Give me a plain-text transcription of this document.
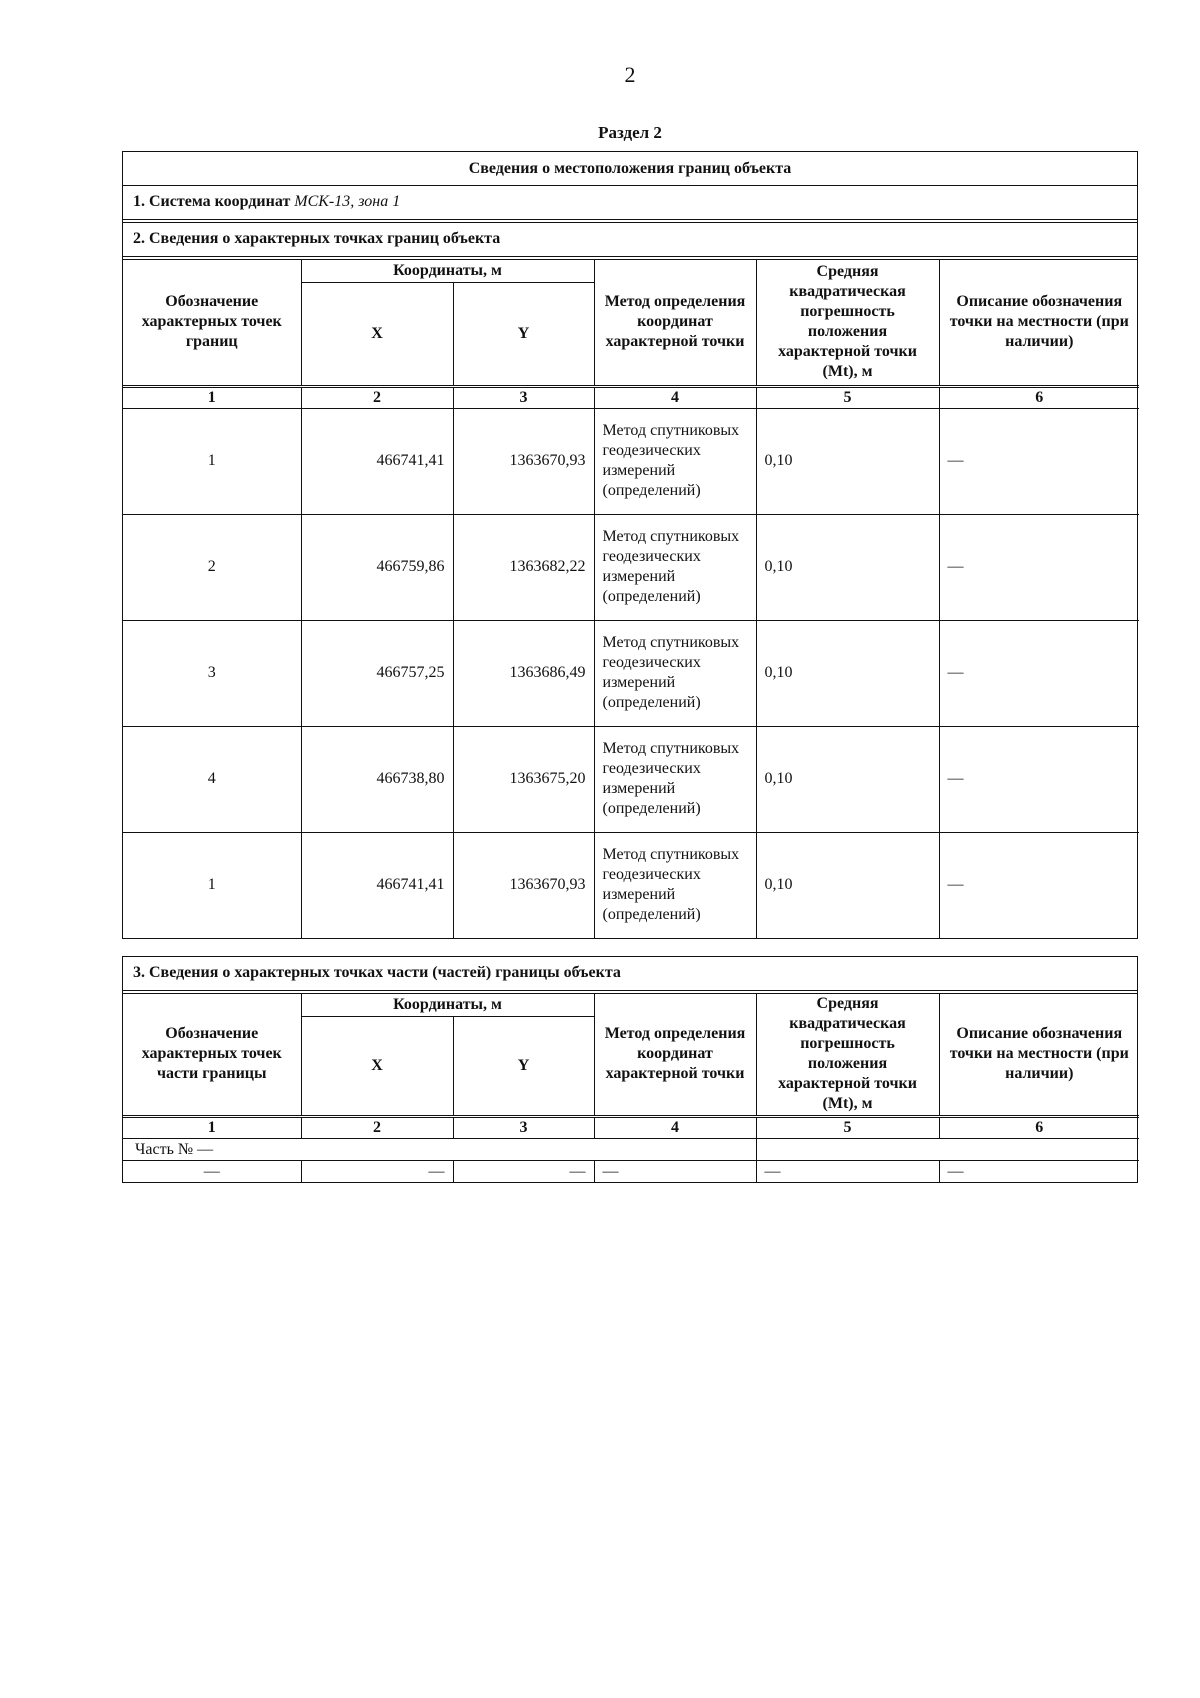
2
Раздел 2
Сведения о местоположения границ объекта
1. Система координат МСК-13, зона 1
2. Сведения о характерных точках границ объекта
Обозначение характерных точек границ	Координаты, м		Метод определения координат характерной точки	Средняя квадратическая погрешность положения характерной точки (Mt), м	Описание обозначения точки на местности (при наличии)
	X	Y			
1	2	3	4	5	6
1	466741,41	1363670,93	Метод спутниковых геодезических измерений (определений)	0,10	—
2	466759,86	1363682,22	Метод спутниковых геодезических измерений (определений)	0,10	—
3	466757,25	1363686,49	Метод спутниковых геодезических измерений (определений)	0,10	—
4	466738,80	1363675,20	Метод спутниковых геодезических измерений (определений)	0,10	—
1	466741,41	1363670,93	Метод спутниковых геодезических измерений (определений)	0,10	—
3. Сведения о характерных точках части (частей) границы объекта
Обозначение характерных точек части границы	Координаты, м		Метод определения координат характерной точки	Средняя квадратическая погрешность положения характерной точки (Mt), м	Описание обозначения точки на местности (при наличии)
	X	Y			
1	2	3	4	5	6
Часть № —					
—	—	—	—	—	—
